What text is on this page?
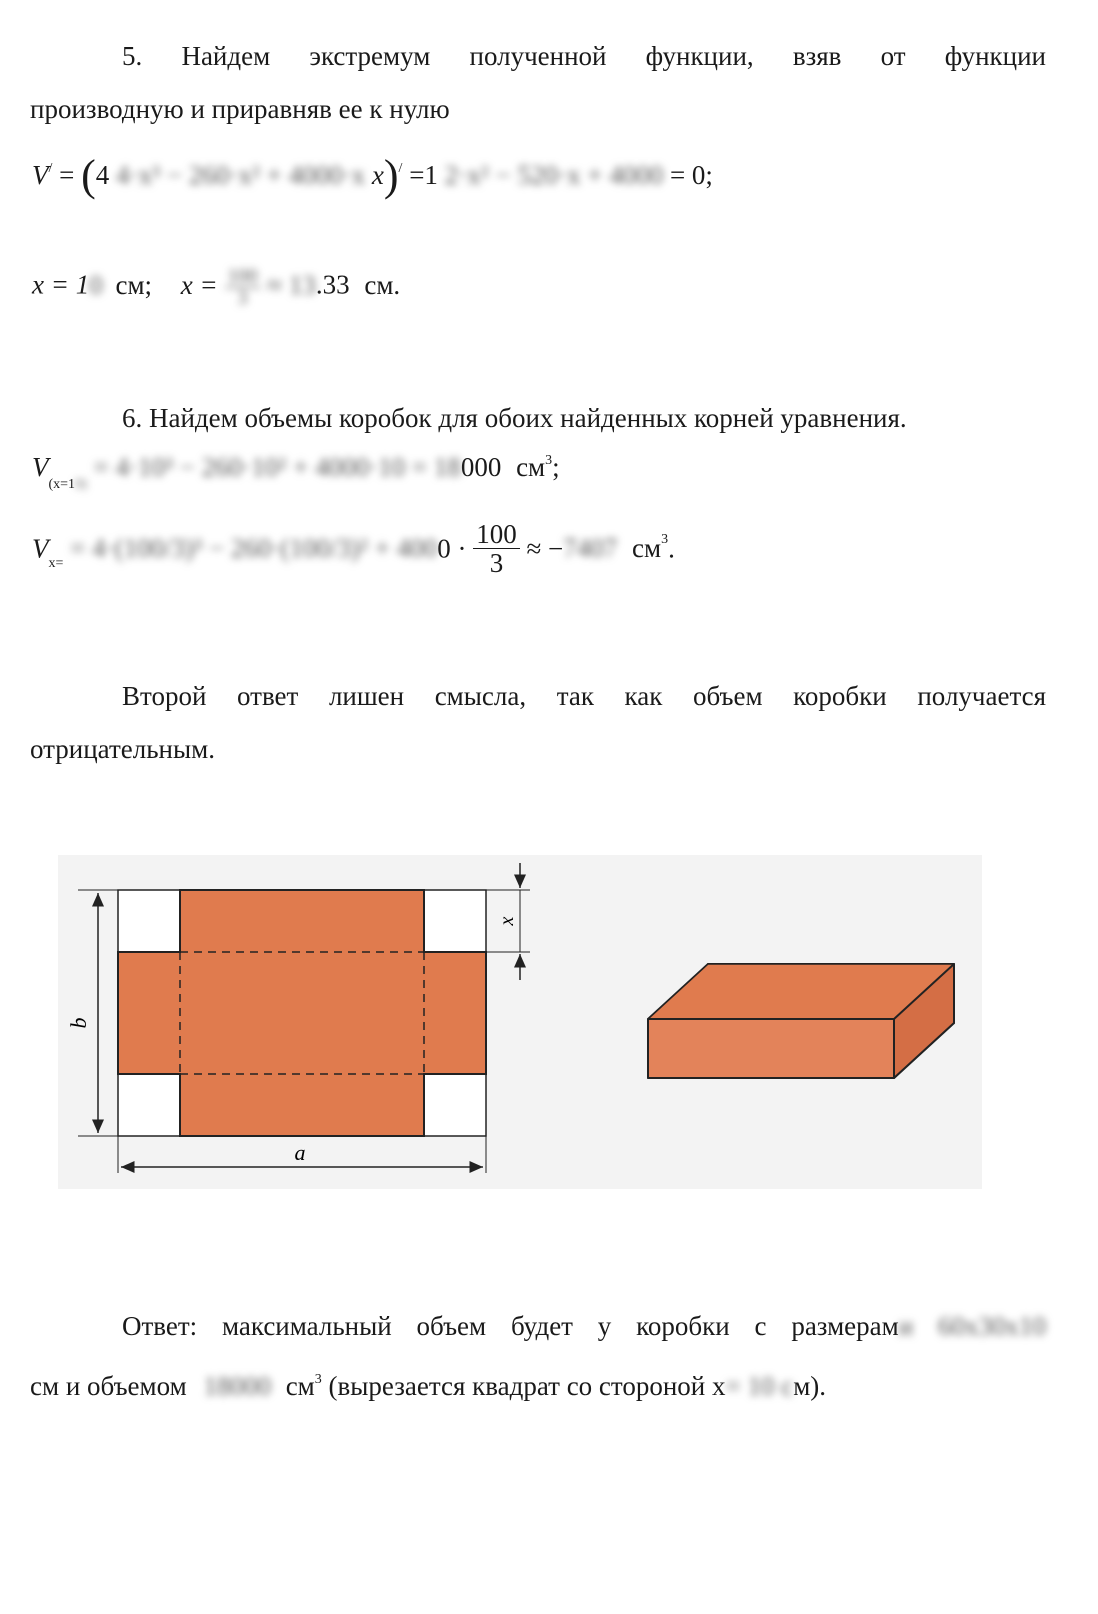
5. Найдем экстремум полученной функции, взяв от функции

производную и приравняв ее к нулю

V/ = (4 4·x³ − 260·x² + 4000·x x)/ =1 2·x² − 520·x + 4000 = 0;
x = 10 см; $x = \frac{100}{3} \approx 13.33$ см.

6. Найдем объемы коробок для обоих найденных корней уравнения.

$V_{(x=10)} = 4\cdot 10^3 - 260\cdot 10^2 + 4000\cdot 10 = 18000$ $см^3$;
$V_{x=} = 4\cdot(100/3)^3 - 260\cdot(100/3)^2 + 4000 \cdot \frac{100}{3} \approx -7407$ $см^3$.

Второй ответ лишен смысла, так как объем коробки получается

отрицательным.

b
a
x

Ответ: максимальный объем будет у коробки с размерами 60x30x10

см и объемом 18000 $см^3$ (вырезается квадрат со стороной x= 10 см).
